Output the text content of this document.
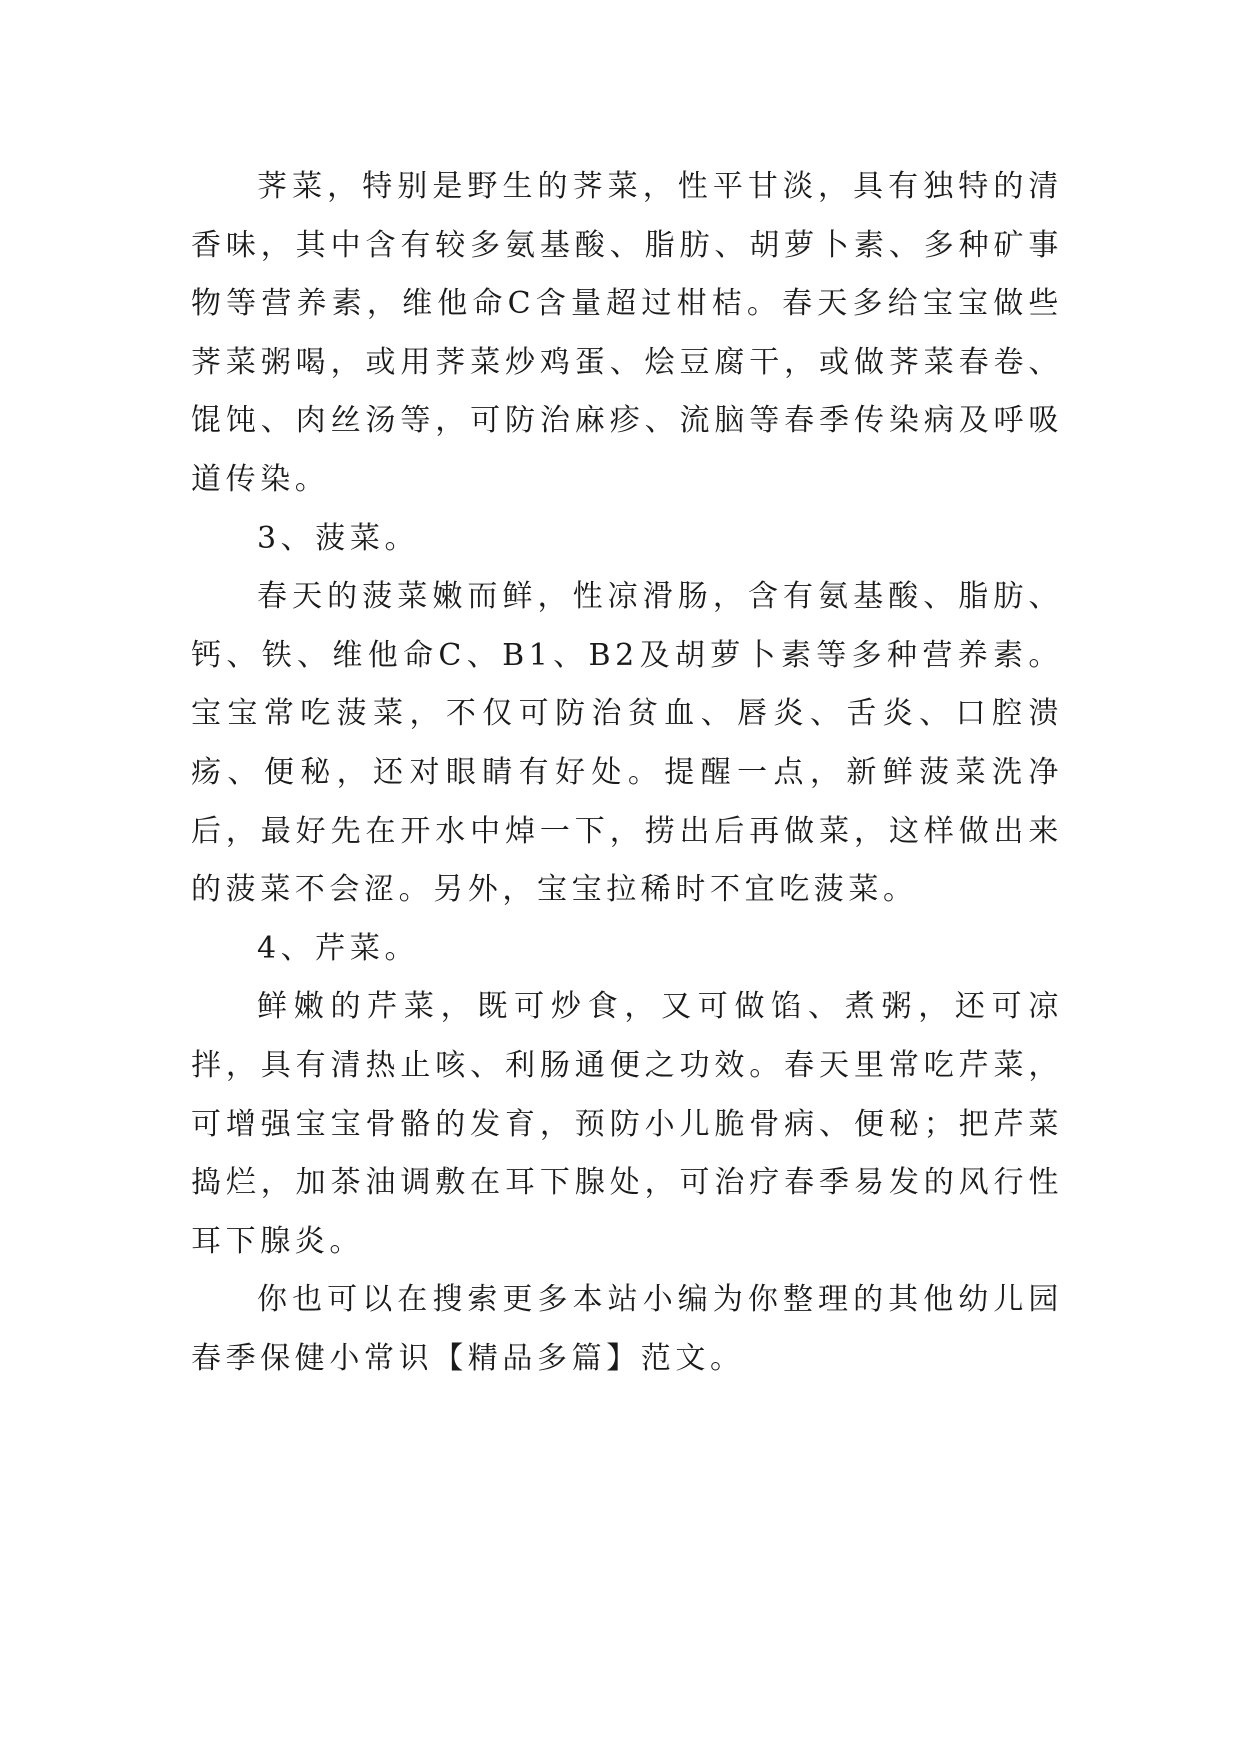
荠菜，特别是野生的荠菜，性平甘淡，具有独特的清香味，其中含有较多氨基酸、脂肪、胡萝卜素、多种矿事物等营养素，维他命C含量超过柑桔。春天多给宝宝做些荠菜粥喝，或用荠菜炒鸡蛋、烩豆腐干，或做荠菜春卷、馄饨、肉丝汤等，可防治麻疹、流脑等春季传染病及呼吸道传染。

3、菠菜。

春天的菠菜嫩而鲜，性凉滑肠，含有氨基酸、脂肪、钙、铁、维他命C、B1、B2及胡萝卜素等多种营养素。宝宝常吃菠菜，不仅可防治贫血、唇炎、舌炎、口腔溃疡、便秘，还对眼睛有好处。提醒一点，新鲜菠菜洗净后，最好先在开水中焯一下，捞出后再做菜，这样做出来的菠菜不会涩。另外，宝宝拉稀时不宜吃菠菜。

4、芹菜。

鲜嫩的芹菜，既可炒食，又可做馅、煮粥，还可凉拌，具有清热止咳、利肠通便之功效。春天里常吃芹菜，可增强宝宝骨骼的发育，预防小儿脆骨病、便秘；把芹菜捣烂，加茶油调敷在耳下腺处，可治疗春季易发的风行性耳下腺炎。

你也可以在搜索更多本站小编为你整理的其他幼儿园春季保健小常识【精品多篇】范文。
